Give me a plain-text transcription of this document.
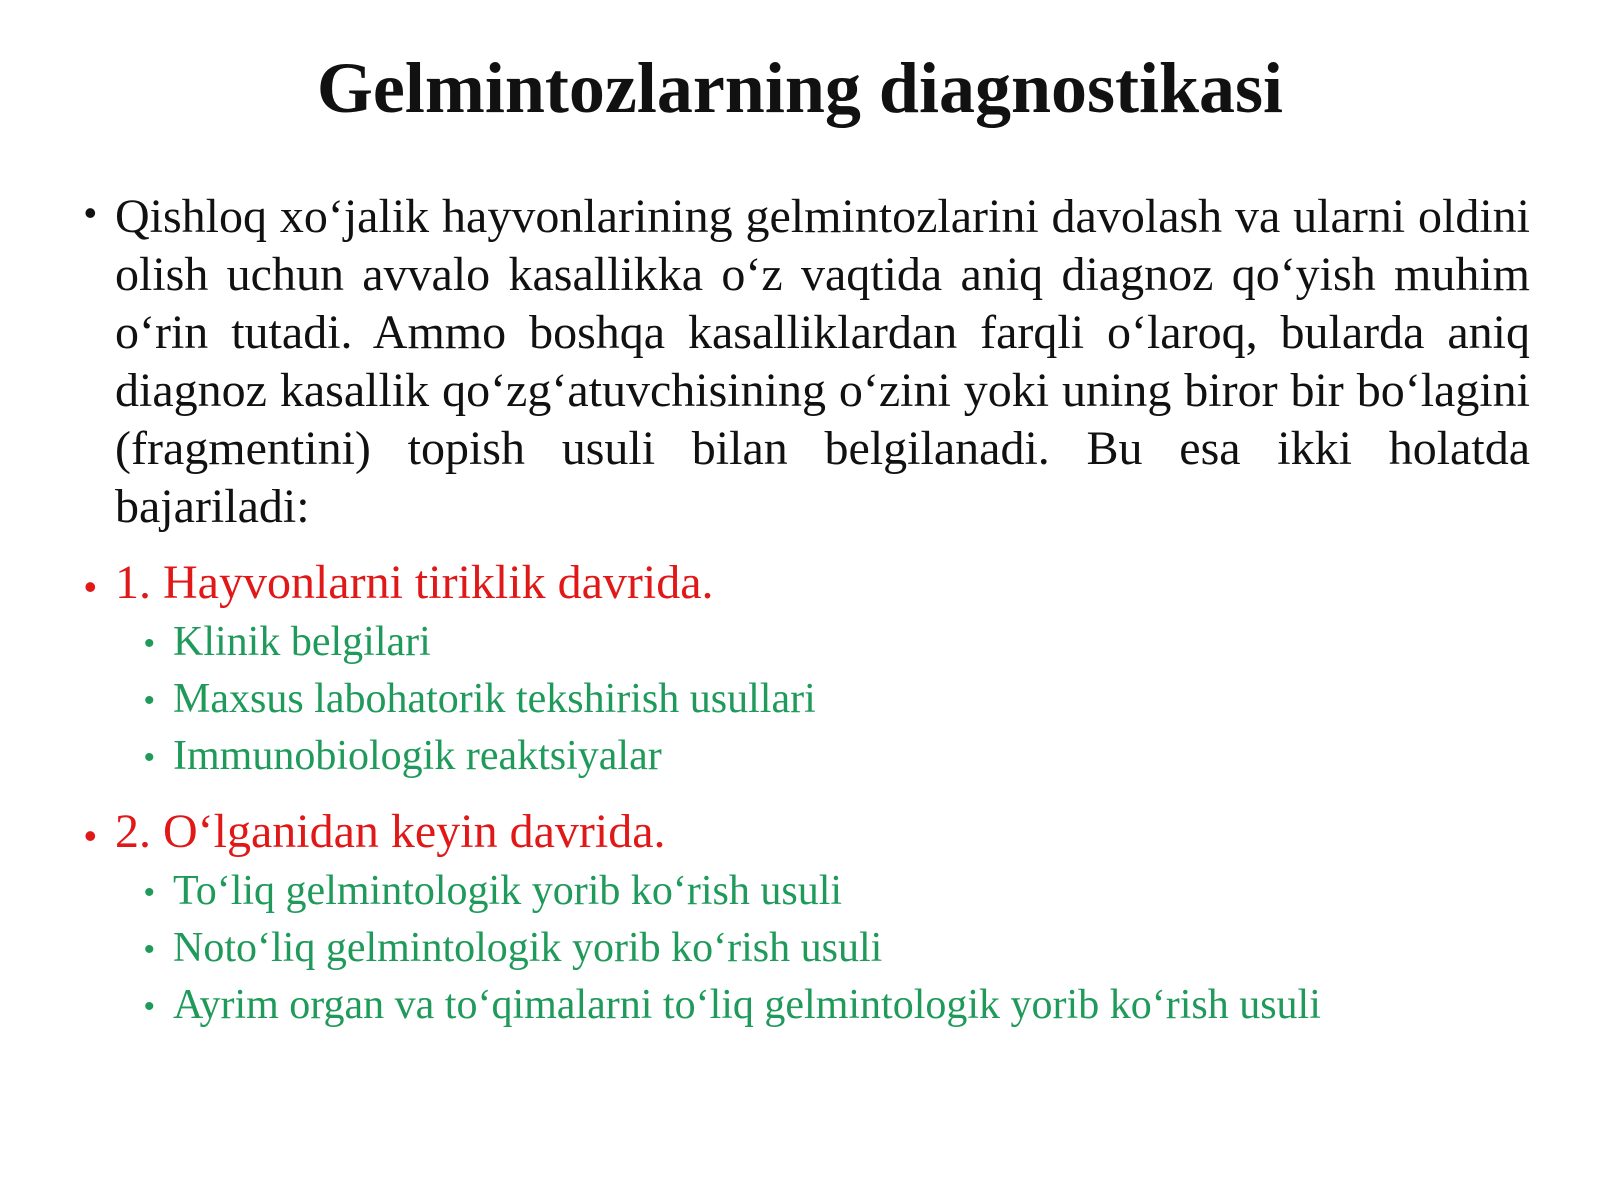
Gelmintozlarning diagnostikasi
• Qishloq xo‘jalik hayvonlarining gelmintozlarini davolash va ularni oldini olish uchun avvalo kasallikka o‘z vaqtida aniq diagnoz qo‘yish muhim o‘rin tutadi. Ammo boshqa kasalliklardan farqli o‘laroq, bularda aniq diagnoz kasallik qo‘zg‘atuvchisining o‘zini yoki uning biror bir bo‘lagini (fragmentini) topish usuli bilan belgilanadi. Bu esa ikki holatda bajariladi:
• 1. Hayvonlarni tiriklik davrida.
• Klinik belgilari
• Maxsus labohatorik tekshirish usullari
• Immunobiologik reaktsiyalar
• 2. O‘lganidan keyin davrida.
• To‘liq gelmintologik yorib ko‘rish usuli
• Noto‘liq gelmintologik yorib ko‘rish usuli
• Ayrim organ va to‘qimalarni to‘liq gelmintologik yorib ko‘rish usuli
